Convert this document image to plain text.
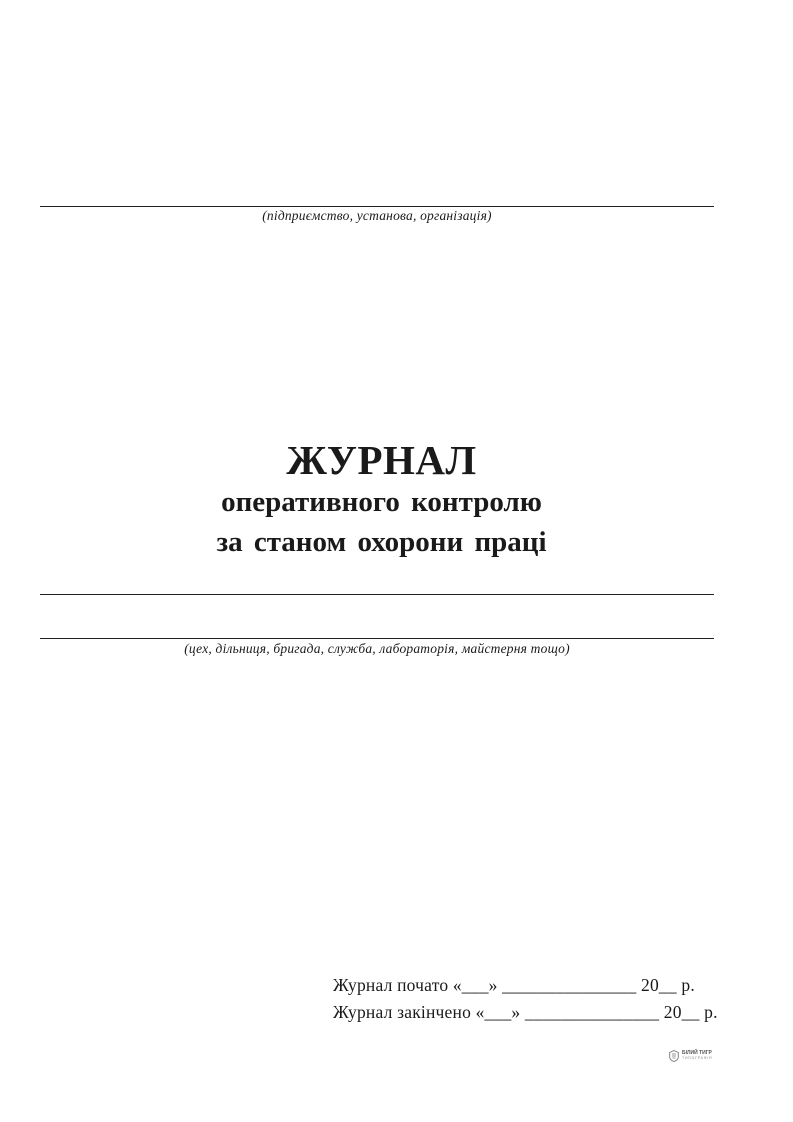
(підприємство, установа, організація)
ЖУРНАЛ
оперативного контролю
за станом охорони праці
(цех, дільниця, бригада, служба, лабораторія, майстерня тощо)
Журнал почато «___» _______________ 20__ р.
Журнал закінчено «___» _______________ 20__ р.
БІЛИЙ ТИГР
ТИПОГРАФІЯ
